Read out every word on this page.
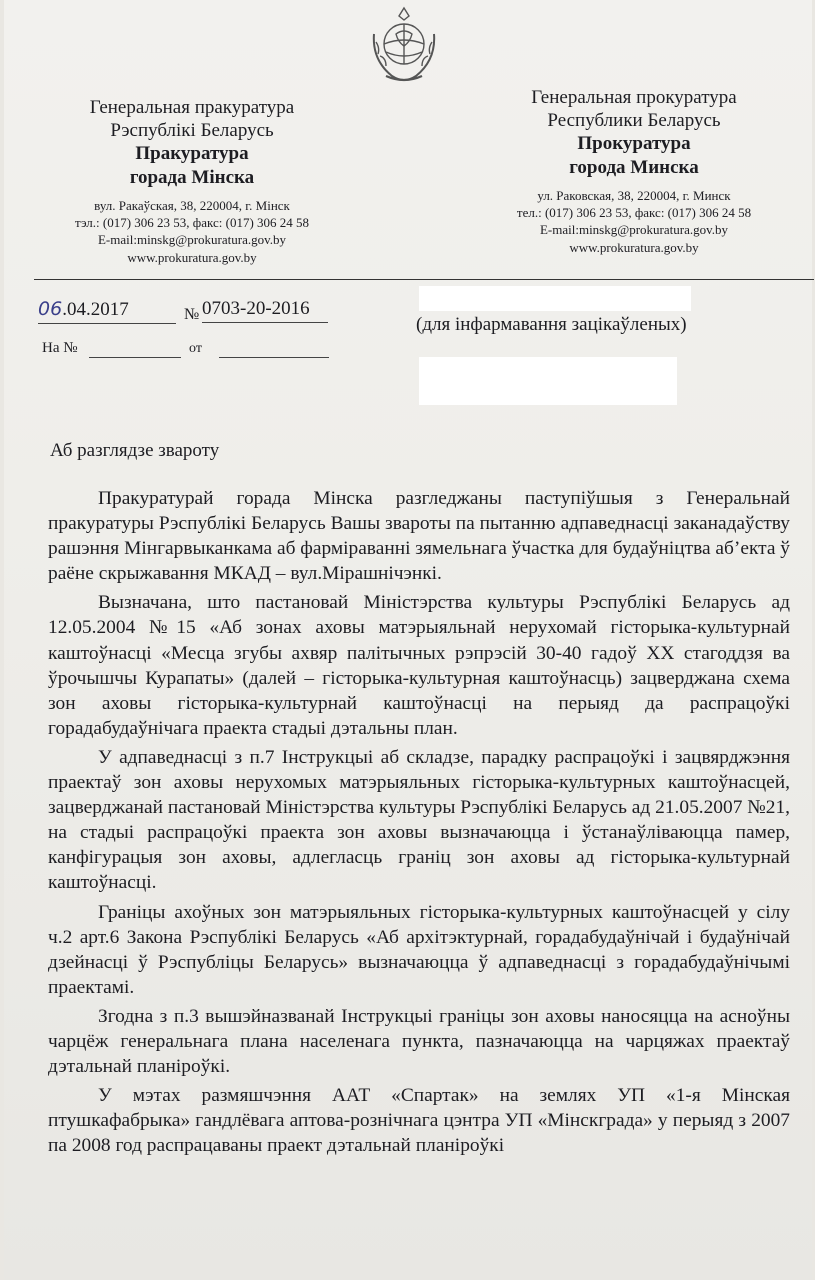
Генеральная пракуратура
Рэспублікі Беларусь
Пракуратура
горада Мінска
вул. Ракаўская, 38, 220004, г. Мінск
тэл.: (017) 306 23 53, факс: (017) 306 24 58
E-mail:minskg@prokuratura.gov.by
www.prokuratura.gov.by
Генеральная прокуратура
Республики Беларусь
Прокуратура
города Минска
ул. Раковская, 38, 220004, г. Минск
тел.: (017) 306 23 53, факс: (017) 306 24 58
E-mail:minskg@prokuratura.gov.by
www.prokuratura.gov.by
06.04.2017	№ 0703-20-2016
На №	от
(для інфармавання зацікаўленых)
Аб разглядзе звароту

Пракуратурай горада Мінска разгледжаны паступіўшыя з Генеральнай пракуратуры Рэспублікі Беларусь Вашы звароты па пытанню адпаведнасці заканадаўству рашэння Мінгарвыканкама аб фарміраванні зямельнага ўчастка для будаўніцтва аб’екта ў раёне скрыжавання МКАД – вул.Мірашнічэнкі.

Вызначана, што пастановай Міністэрства культуры Рэспублікі Беларусь ад 12.05.2004 №15 «Аб зонах аховы матэрыяльнай нерухомай гісторыка-культурнай каштоўнасці «Месца згубы ахвяр палітычных рэпрэсій 30-40 гадоў XX стагоддзя ва ўрочышчы Курапаты» (далей – гісторыка-культурная каштоўнасць) зацверджана схема зон аховы гісторыка-культурнай каштоўнасці на перыяд да распрацоўкі горадабудаўнічага праекта стадыі дэтальны план.

У адпаведнасці з п.7 Інструкцыі аб складзе, парадку распрацоўкі і зацвярджэння праектаў зон аховы нерухомых матэрыяльных гісторыка-культурных каштоўнасцей, зацверджанай пастановай Міністэрства культуры Рэспублікі Беларусь ад 21.05.2007 №21, на стадыі распрацоўкі праекта зон аховы вызначаюцца і ўстанаўліваюцца памер, канфігурацыя зон аховы, адлегласць граніц зон аховы ад гісторыка-культурнай каштоўнасці.

Граніцы ахоўных зон матэрыяльных гісторыка-культурных каштоўнасцей у сілу ч.2 арт.6 Закона Рэспублікі Беларусь «Аб архітэктурнай, горадабудаўнічай і будаўнічай дзейнасці ў Рэспубліцы Беларусь» вызначаюцца ў адпаведнасці з горадабудаўнічымі праектамі.

Згодна з п.3 вышэйназванай Інструкцыі граніцы зон аховы наносяцца на асноўны чарцёж генеральнага плана населенага пункта, пазначаюцца на чарцяжах праектаў дэтальнай планіроўкі.

У мэтах размяшчэння ААТ «Спартак» на землях УП «1-я Мінская птушкафабрыка» гандлёвага аптова-рознічнага цэнтра УП «Мінскграда» у перыяд з 2007 па 2008 год распрацаваны праект дэтальнай планіроўкі
